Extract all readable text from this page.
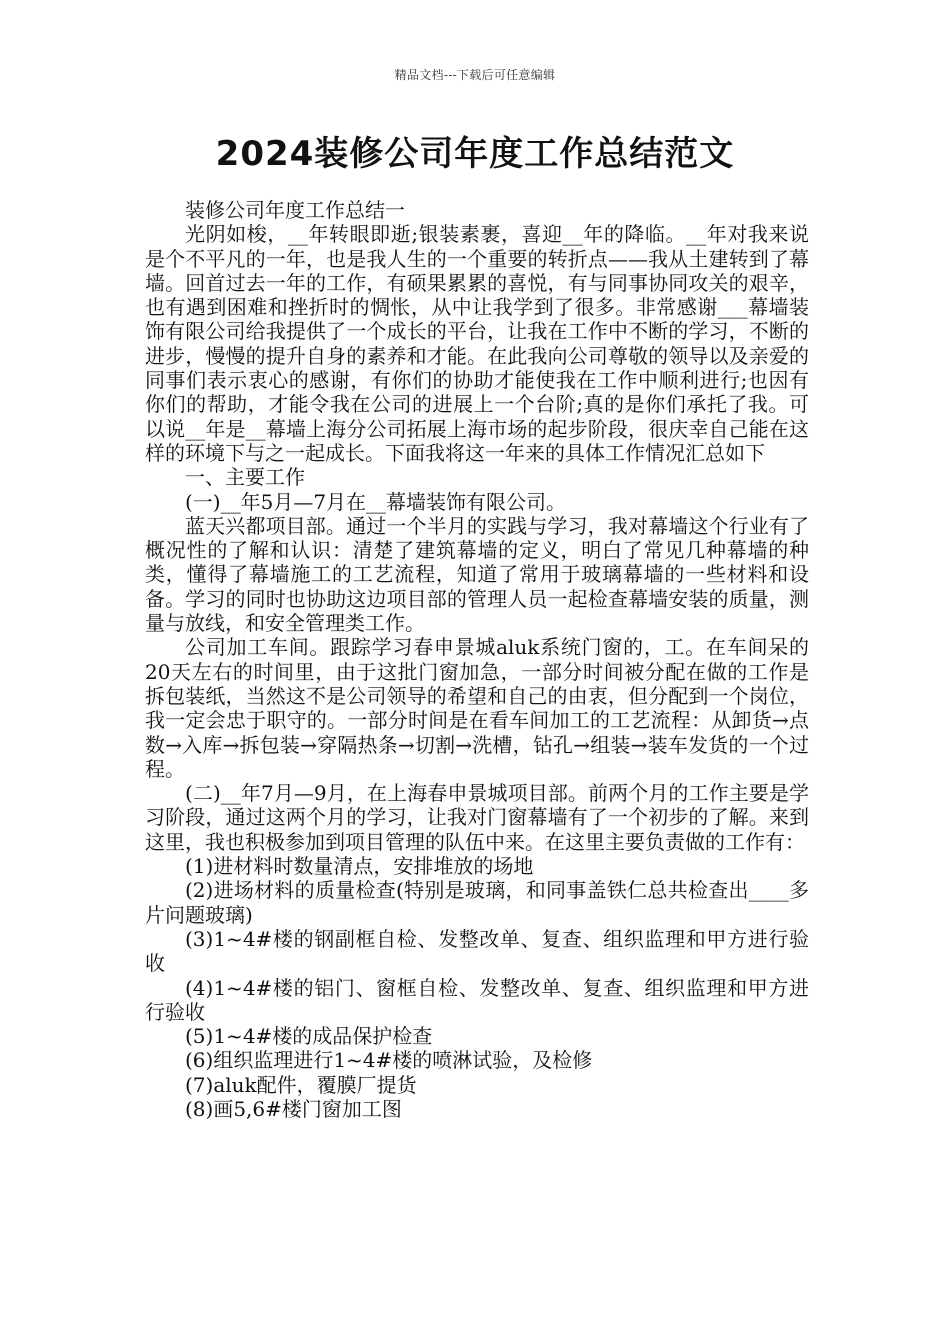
精品文档---下载后可任意编辑
2024装修公司年度工作总结范文

装修公司年度工作总结一

光阴如梭，__年转眼即逝;银装素裹，喜迎__年的降临。__年对我来说是个不平凡的一年，也是我人生的一个重要的转折点——我从土建转到了幕墙。回首过去一年的工作，有硕果累累的喜悦，有与同事协同攻关的艰辛，也有遇到困难和挫折时的惆怅，从中让我学到了很多。非常感谢___幕墙装饰有限公司给我提供了一个成长的平台，让我在工作中不断的学习，不断的进步，慢慢的提升自身的素养和才能。在此我向公司尊敬的领导以及亲爱的同事们表示衷心的感谢，有你们的协助才能使我在工作中顺利进行;也因有你们的帮助，才能令我在公司的进展上一个台阶;真的是你们承托了我。可以说__年是__幕墙上海分公司拓展上海市场的起步阶段，很庆幸自己能在这样的环境下与之一起成长。下面我将这一年来的具体工作情况汇总如下

一、主要工作

(一)__年5月—7月在__幕墙装饰有限公司。

蓝天兴都项目部。通过一个半月的实践与学习，我对幕墙这个行业有了概况性的了解和认识：清楚了建筑幕墙的定义，明白了常见几种幕墙的种类，懂得了幕墙施工的工艺流程，知道了常用于玻璃幕墙的一些材料和设备。学习的同时也协助这边项目部的管理人员一起检查幕墙安装的质量，测量与放线，和安全管理类工作。

公司加工车间。跟踪学习春申景城aluk系统门窗的，工。在车间呆的20天左右的时间里，由于这批门窗加急，一部分时间被分配在做的工作是拆包装纸，当然这不是公司领导的希望和自己的由衷，但分配到一个岗位，我一定会忠于职守的。一部分时间是在看车间加工的工艺流程：从卸货→点数→入库→拆包装→穿隔热条→切割→洗槽，钻孔→组装→装车发货的一个过程。

(二)__年7月—9月，在上海春申景城项目部。前两个月的工作主要是学习阶段，通过这两个月的学习，让我对门窗幕墙有了一个初步的了解。来到这里，我也积极参加到项目管理的队伍中来。在这里主要负责做的工作有：

(1)进材料时数量清点，安排堆放的场地

(2)进场材料的质量检查(特别是玻璃，和同事盖铁仁总共检查出____多片问题玻璃)

(3)1~4#楼的钢副框自检、发整改单、复查、组织监理和甲方进行验收

(4)1~4#楼的铝门、窗框自检、发整改单、复查、组织监理和甲方进行验收

(5)1~4#楼的成品保护检查

(6)组织监理进行1~4#楼的喷淋试验，及检修

(7)aluk配件，覆膜厂提货

(8)画5,6#楼门窗加工图
